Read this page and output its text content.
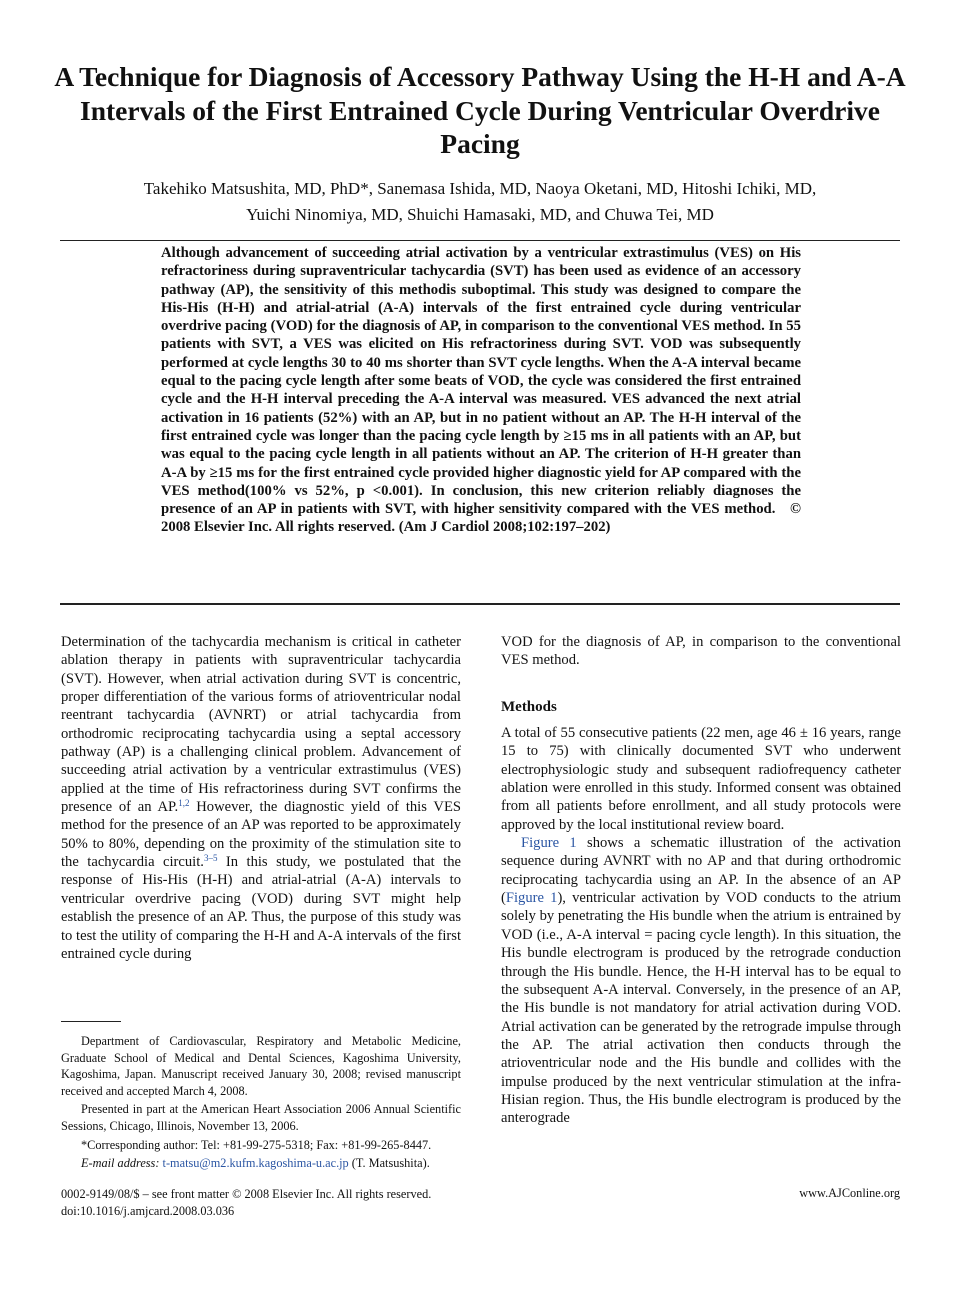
A Technique for Diagnosis of Accessory Pathway Using the H-H and A-A Intervals of the First Entrained Cycle During Ventricular Overdrive Pacing
Takehiko Matsushita, MD, PhD*, Sanemasa Ishida, MD, Naoya Oketani, MD, Hitoshi Ichiki, MD,
Yuichi Ninomiya, MD, Shuichi Hamasaki, MD, and Chuwa Tei, MD

Although advancement of succeeding atrial activation by a ventricular extrastimulus (VES) on His refractoriness during supraventricular tachycardia (SVT) has been used as evidence of an accessory pathway (AP), the sensitivity of this methodis suboptimal. This study was designed to compare the His-His (H-H) and atrial-atrial (A-A) intervals of the first entrained cycle during ventricular overdrive pacing (VOD) for the diagnosis of AP, in comparison to the conventional VES method. In 55 patients with SVT, a VES was elicited on His refractoriness during SVT. VOD was subsequently performed at cycle lengths 30 to 40 ms shorter than SVT cycle lengths. When the A-A interval became equal to the pacing cycle length after some beats of VOD, the cycle was considered the first entrained cycle and the H-H interval preceding the A-A interval was measured. VES advanced the next atrial activation in 16 patients (52%) with an AP, but in no patient without an AP. The H-H interval of the first entrained cycle was longer than the pacing cycle length by ≥15 ms in all patients with an AP, but was equal to the pacing cycle length in all patients without an AP. The criterion of H-H greater than A-A by ≥15 ms for the first entrained cycle provided higher diagnostic yield for AP compared with the VES method(100% vs 52%, p <0.001). In conclusion, this new criterion reliably diagnoses the presence of an AP in patients with SVT, with higher sensitivity compared with the VES method. © 2008 Elsevier Inc. All rights reserved. (Am J Cardiol 2008;102:197–202)

Determination of the tachycardia mechanism is critical in catheter ablation therapy in patients with supraventricular tachycardia (SVT). However, when atrial activation during SVT is concentric, proper differentiation of the various forms of atrioventricular nodal reentrant tachycardia (AVNRT) or atrial tachycardia from orthodromic reciprocating tachycardia using a septal accessory pathway (AP) is a challenging clinical problem. Advancement of succeeding atrial activation by a ventricular extrastimulus (VES) applied at the time of His refractoriness during SVT confirms the presence of an AP.$^{1,2}$ However, the diagnostic yield of this VES method for the presence of an AP was reported to be approximately 50% to 80%, depending on the proximity of the stimulation site to the tachycardia circuit.$^{3-5}$ In this study, we postulated that the response of His-His (H-H) and atrial-atrial (A-A) intervals to ventricular overdrive pacing (VOD) during SVT might help establish the presence of an AP. Thus, the purpose of this study was to test the utility of comparing the H-H and A-A intervals of the first entrained cycle during

Department of Cardiovascular, Respiratory and Metabolic Medicine, Graduate School of Medical and Dental Sciences, Kagoshima University, Kagoshima, Japan. Manuscript received January 30, 2008; revised manuscript received and accepted March 4, 2008.

Presented in part at the American Heart Association 2006 Annual Scientific Sessions, Chicago, Illinois, November 13, 2006.

*Corresponding author: Tel: +81-99-275-5318; Fax: +81-99-265-8447.

E-mail address: t-matsu@m2.kufm.kagoshima-u.ac.jp (T. Matsushita).

VOD for the diagnosis of AP, in comparison to the conventional VES method.

Methods

A total of 55 consecutive patients (22 men, age 46 ± 16 years, range 15 to 75) with clinically documented SVT who underwent electrophysiologic study and subsequent radiofrequency catheter ablation were enrolled in this study. Informed consent was obtained from all patients before enrollment, and all study protocols were approved by the local institutional review board.

Figure 1 shows a schematic illustration of the activation sequence during AVNRT with no AP and that during orthodromic reciprocating tachycardia using an AP. In the absence of an AP (Figure 1), ventricular activation by VOD conducts to the atrium solely by penetrating the His bundle when the atrium is entrained by VOD (i.e., A-A interval = pacing cycle length). In this situation, the His bundle electrogram is produced by the retrograde conduction through the His bundle. Hence, the H-H interval has to be equal to the subsequent A-A interval. Conversely, in the presence of an AP, the His bundle is not mandatory for atrial activation during VOD. Atrial activation can be generated by the retrograde impulse through the AP. The atrial activation then conducts through the atrioventricular node and the His bundle and collides with the impulse produced by the next ventricular stimulation at the infra-Hisian region. Thus, the His bundle electrogram is produced by the anterograde

0002-9149/08/$ – see front matter © 2008 Elsevier Inc. All rights reserved.
doi:10.1016/j.amjcard.2008.03.036
www.AJConline.org
